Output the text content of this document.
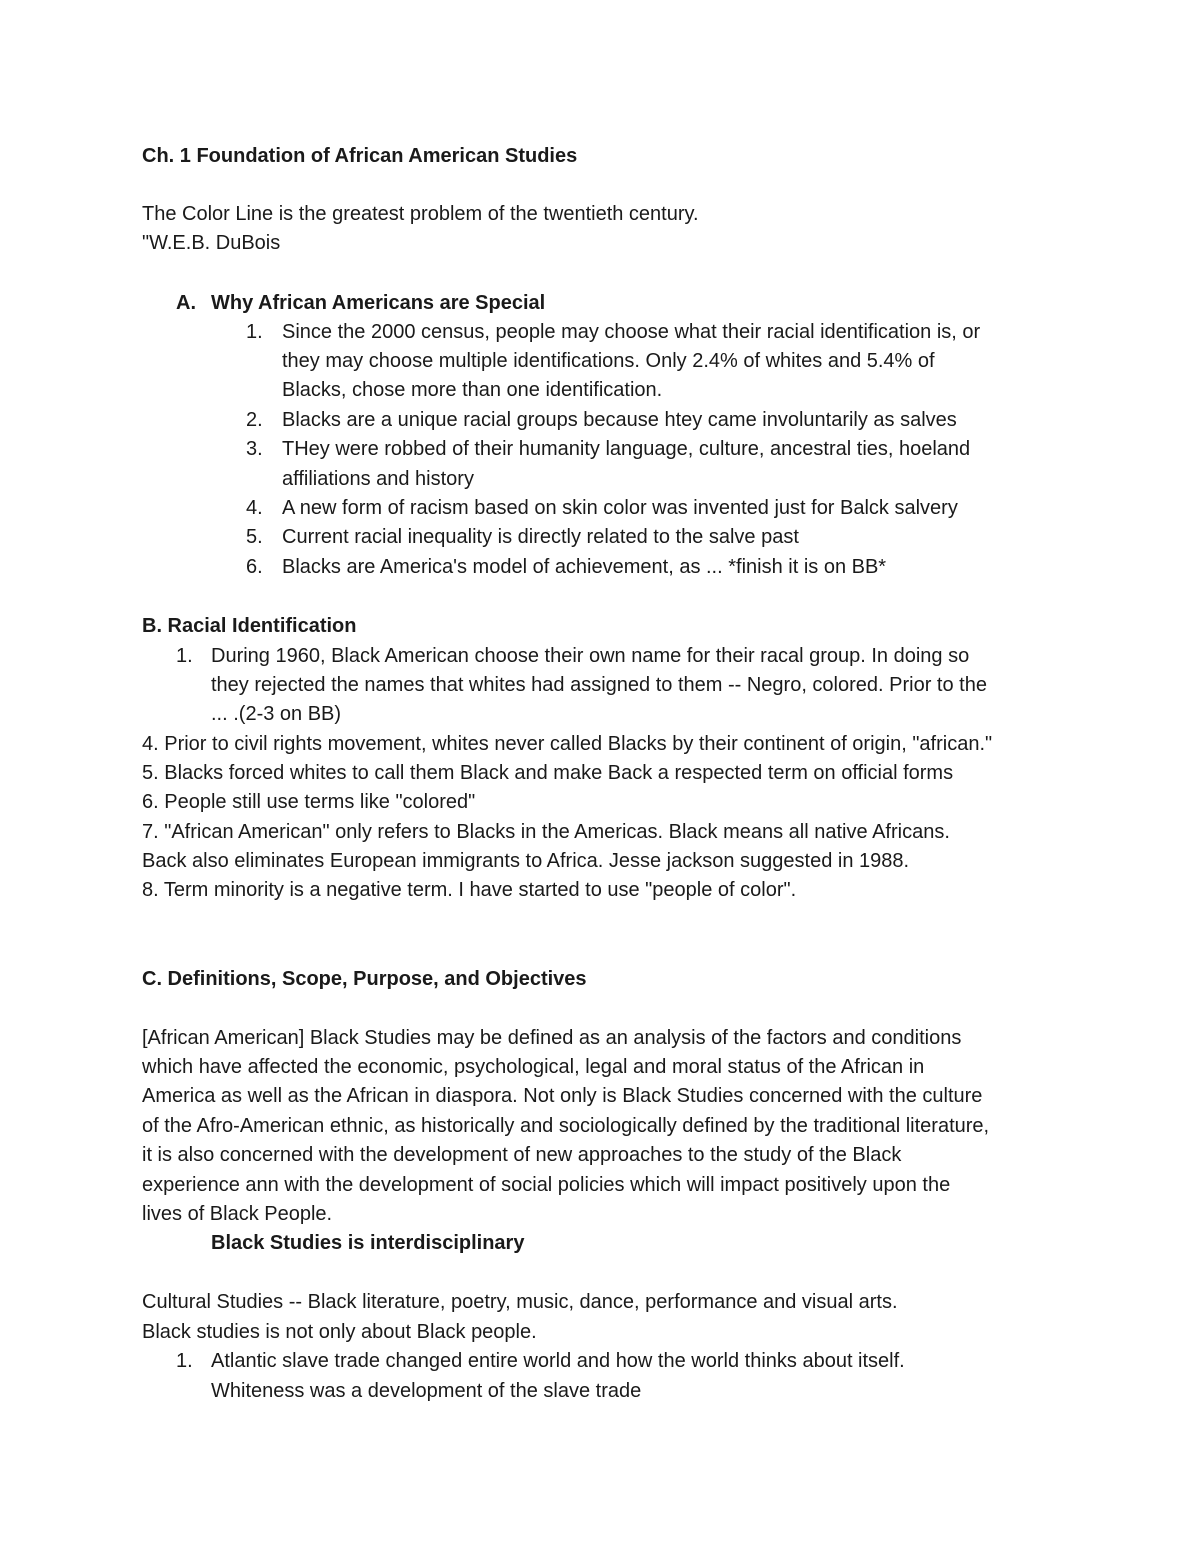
Ch. 1 Foundation of African American Studies
The Color Line is the greatest problem of the twentieth century.
"W.E.B. DuBois
A. Why African Americans are Special
1. Since the 2000 census, people may choose what their racial identification is, or
they may choose multiple identifications. Only 2.4% of whites and 5.4% of
Blacks, chose more than one identification.
2. Blacks are a unique racial groups because htey came involuntarily as salves
3. THey were robbed of their humanity language, culture, ancestral ties, hoeland
affiliations and history
4. A new form of racism based on skin color was invented just for Balck salvery
5. Current racial inequality is directly related to the salve past
6. Blacks are America's model of achievement, as ... *finish it is on BB*
B. Racial Identification
1. During 1960, Black American choose their own name for their racal group. In doing so
they rejected the names that whites had assigned to them -- Negro, colored. Prior to the
... .(2-3 on BB)
4. Prior to civil rights movement, whites never called Blacks by their continent of origin, "african."
5. Blacks forced whites to call them Black and make Back a respected term on official forms
6. People still use terms like "colored"
7. "African American" only refers to Blacks in the Americas. Black means all native Africans.
Back also eliminates European immigrants to Africa. Jesse jackson suggested in 1988.
8. Term minority is a negative term. I have started to use "people of color".
C. Definitions, Scope, Purpose, and Objectives
[African American] Black Studies may be defined as an analysis of the factors and conditions
which have affected the economic, psychological, legal and moral status of the African in
America as well as the African in diaspora. Not only is Black Studies concerned with the culture
of the Afro-American ethnic, as historically and sociologically defined by the traditional literature,
it is also concerned with the development of new approaches to the study of the Black
experience ann with the development of social policies which will impact positively upon the
lives of Black People.
Black Studies is interdisciplinary
Cultural Studies -- Black literature, poetry, music, dance, performance and visual arts.
Black studies is not only about Black people.
1. Atlantic slave trade changed entire world and how the world thinks about itself.
Whiteness was a development of the slave trade
